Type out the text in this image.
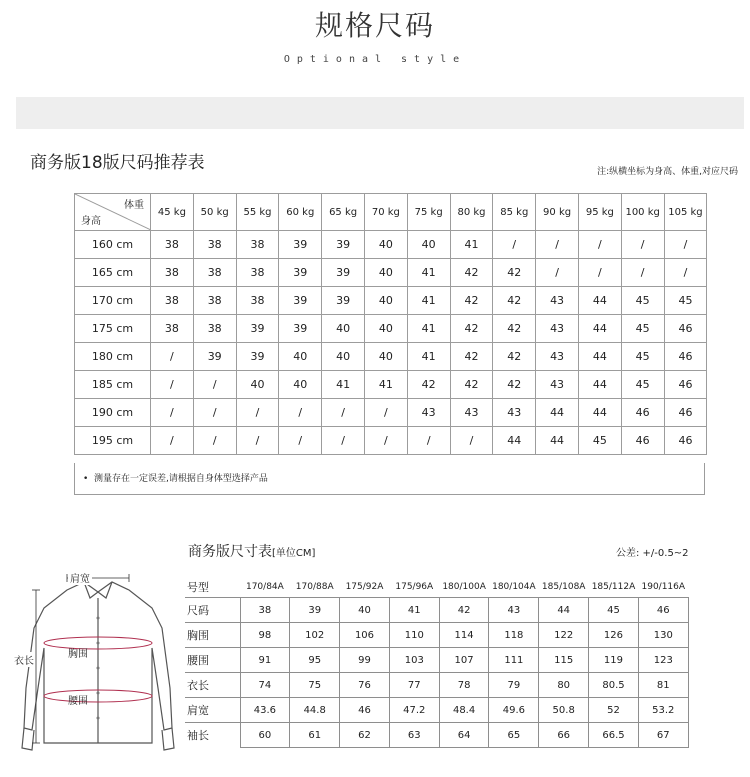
规格尺码
Optional style
商务版18版尺码推荐表	注:纵横坐标为身高、体重,对应尺码
体重
身高	45 kg	50 kg	55 kg	60 kg	65 kg	70 kg	75 kg	80 kg	85 kg	90 kg	95 kg	100 kg	105 kg
160 cm	38	38	38	39	39	40	40	41	/	/	/	/	/
165 cm	38	38	38	39	39	40	41	42	42	/	/	/	/
170 cm	38	38	38	39	39	40	41	42	42	43	44	45	45
175 cm	38	38	39	39	40	40	41	42	42	43	44	45	46
180 cm	/	39	39	40	40	40	41	42	42	43	44	45	46
185 cm	/	/	40	40	41	41	42	42	42	43	44	45	46
190 cm	/	/	/	/	/	/	43	43	43	44	44	46	46
195 cm	/	/	/	/	/	/	/	/	44	44	45	46	46
• 测量存在一定误差,请根据自身体型选择产品
商务版尺寸表[单位CM]	公差: +/-0.5~2
肩宽
衣长
胸围
腰围
号型	170/84A	170/88A	175/92A	175/96A	180/100A	180/104A	185/108A	185/112A	190/116A
尺码	38	39	40	41	42	43	44	45	46
胸围	98	102	106	110	114	118	122	126	130
腰围	91	95	99	103	107	111	115	119	123
衣长	74	75	76	77	78	79	80	80.5	81
肩宽	43.6	44.8	46	47.2	48.4	49.6	50.8	52	53.2
袖长	60	61	62	63	64	65	66	66.5	67
